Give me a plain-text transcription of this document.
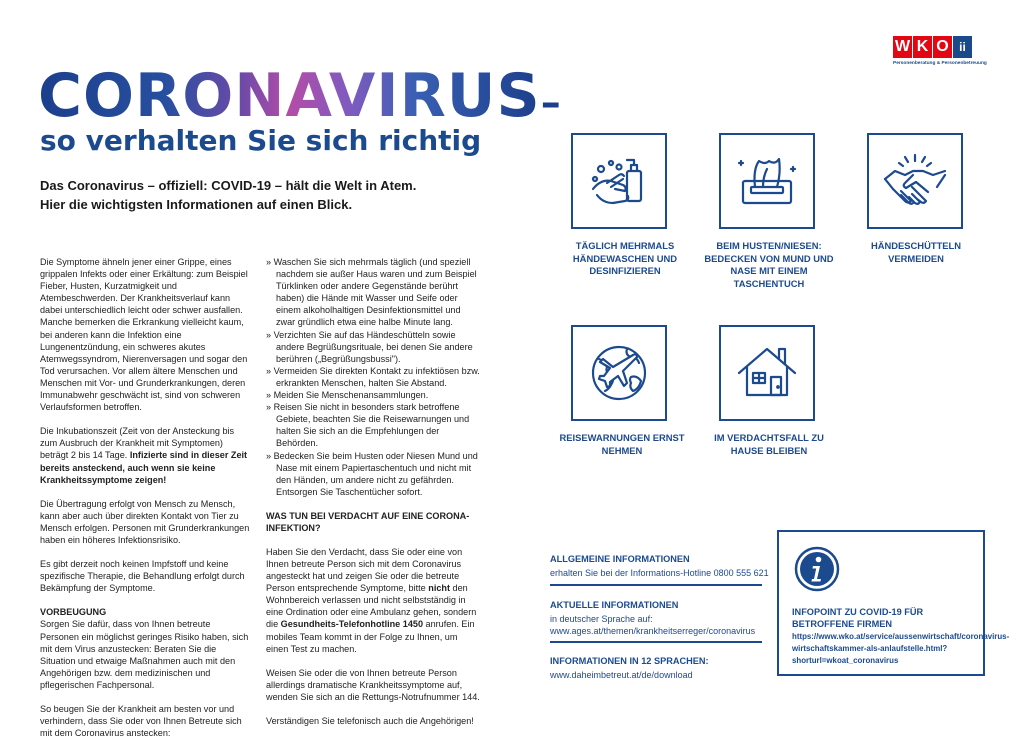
W K O ii
Personenberatung & Personenbetreuung
CORONAVIRUS–
so verhalten Sie sich richtig
Das Coronavirus – offiziell: COVID-19 – hält die Welt in Atem.
Hier die wichtigsten Informationen auf einen Blick.

Die Symptome ähneln jener einer Grippe, eines grippalen Infekts oder einer Erkältung: zum Beispiel Fieber, Husten, Kurzatmigkeit und Atembeschwerden. Der Krankheitsverlauf kann dabei unterschiedlich leicht oder schwer ausfallen. Manche bemerken die Erkrankung vielleicht kaum, bei anderen kann die Infektion eine Lungenentzündung, ein schweres akutes Atemwegssyndrom, Nierenversagen und sogar den Tod verursachen. Vor allem ältere Menschen und Menschen mit Vor- und Grunderkrankungen, deren Immunabwehr geschwächt ist, sind von schweren Verlaufsformen betroffen.

Die Inkubationszeit (Zeit von der Ansteckung bis zum Ausbruch der Krankheit mit Symptomen) beträgt 2 bis 14 Tage. Infizierte sind in dieser Zeit bereits ansteckend, auch wenn sie keine Krankheitssymptome zeigen!

Die Übertragung erfolgt von Mensch zu Mensch, kann aber auch über direkten Kontakt von Tier zu Mensch erfolgen. Personen mit Grunderkrankungen haben ein höheres Infektionsrisiko.

Es gibt derzeit noch keinen Impfstoff und keine spezifische Therapie, die Behandlung erfolgt durch Bekämpfung der Symptome.

VORBEUGUNG
Sorgen Sie dafür, dass von Ihnen betreute Personen ein möglichst geringes Risiko haben, sich mit dem Virus anzustecken: Beraten Sie die Situation und etwaige Maßnahmen auch mit den Angehörigen bzw. dem medizinischen und pflegerischen Fachpersonal.

So beugen Sie der Krankheit am besten vor und verhindern, dass Sie oder von Ihnen Betreute sich mit dem Coronavirus anstecken:

» Waschen Sie sich mehrmals täglich (und speziell nachdem sie außer Haus waren und zum Beispiel Türklinken oder andere Gegenstände berührt haben) die Hände mit Wasser und Seife oder einem alkoholhaltigen Desinfektionsmittel und zwar gründlich etwa eine halbe Minute lang.
» Verzichten Sie auf das Händeschütteln sowie andere Begrüßungsrituale, bei denen Sie andere berühren („Begrüßungsbussi").
» Vermeiden Sie direkten Kontakt zu infektiösen bzw. erkrankten Menschen, halten Sie Abstand.
» Meiden Sie Menschenansammlungen.
» Reisen Sie nicht in besonders stark betroffene Gebiete, beachten Sie die Reisewarnungen und halten Sie sich an die Empfehlungen der Behörden.
» Bedecken Sie beim Husten oder Niesen Mund und Nase mit einem Papiertaschentuch und nicht mit den Händen, um andere nicht zu gefährden. Entsorgen Sie Taschentücher sofort.
WAS TUN BEI VERDACHT AUF EINE CORONA-INFEKTION?

Haben Sie den Verdacht, dass Sie oder eine von Ihnen betreute Person sich mit dem Coronavirus angesteckt hat und zeigen Sie oder die betreute Person entsprechende Symptome, bitte nicht den Wohnbereich verlassen und nicht selbstständig in eine Ordination oder eine Ambulanz gehen, sondern die Gesundheits-Telefonhotline 1450 anrufen. Ein mobiles Team kommt in der Folge zu Ihnen, um einen Test zu machen.

Weisen Sie oder die von Ihnen betreute Person allerdings dramatische Krankheitssymptome auf, wenden Sie sich an die Rettungs-Notrufnummer 144.

Verständigen Sie telefonisch auch die Angehörigen!

TÄGLICH MEHRMALS HÄNDEWASCHEN UND DESINFIZIEREN
BEIM HUSTEN/NIESEN: BEDECKEN VON MUND UND NASE MIT EINEM TASCHENTUCH
HÄNDESCHÜTTELN VERMEIDEN
REISEWARNUNGEN ERNST NEHMEN
IM VERDACHTSFALL ZU HAUSE BLEIBEN
ALLGEMEINE INFORMATIONEN
erhalten Sie bei der Informations-Hotline 0800 555 621
AKTUELLE INFORMATIONEN
in deutscher Sprache auf:
www.ages.at/themen/krankheitserreger/coronavirus
INFORMATIONEN IN 12 SPRACHEN:
www.daheimbetreut.at/de/download
INFOPOINT ZU COVID-19 FÜR BETROFFENE FIRMEN
https://www.wko.at/service/aussenwirtschaft/coronavirus-wirtschaftskammer-als-anlaufstelle.html?shorturl=wkoat_coronavirus
